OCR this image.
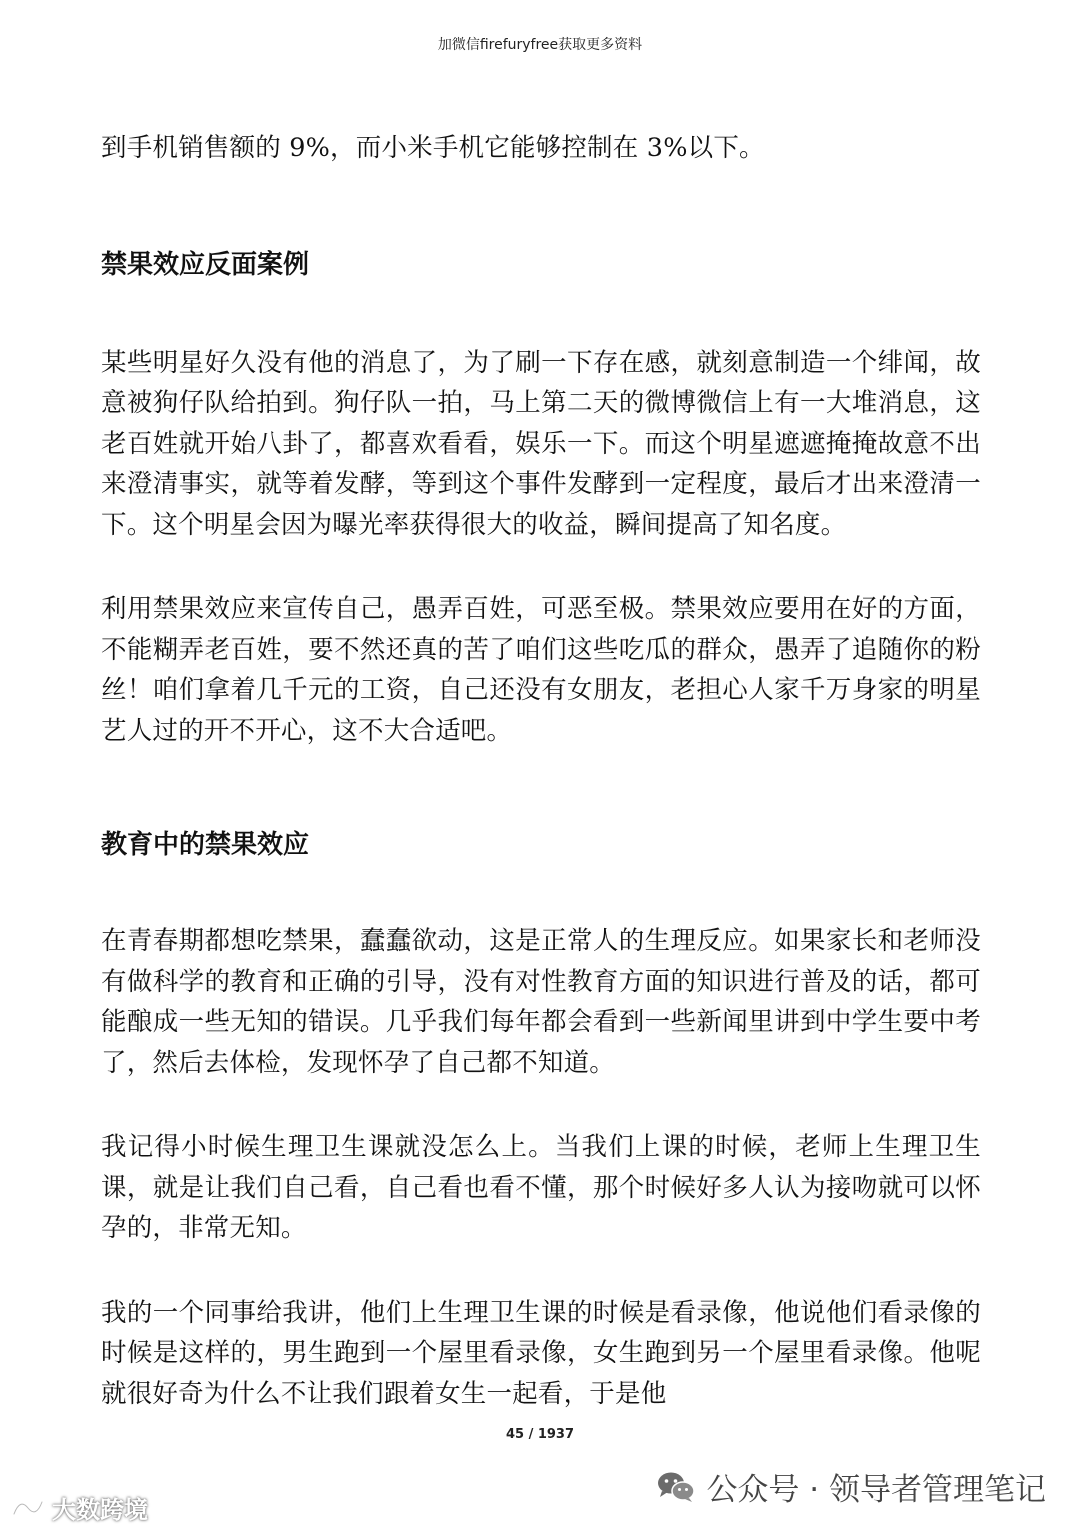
加微信firefuryfree获取更多资料

到手机销售额的 9%，而小米手机它能够控制在 3%以下。

禁果效应反面案例

某些明星好久没有他的消息了，为了刷一下存在感，就刻意制造一个绯闻，故意被狗仔队给拍到。狗仔队一拍，马上第二天的微博微信上有一大堆消息，这老百姓就开始八卦了，都喜欢看看，娱乐一下。而这个明星遮遮掩掩故意不出来澄清事实，就等着发酵，等到这个事件发酵到一定程度，最后才出来澄清一下。这个明星会因为曝光率获得很大的收益，瞬间提高了知名度。

利用禁果效应来宣传自己，愚弄百姓，可恶至极。禁果效应要用在好的方面，不能糊弄老百姓，要不然还真的苦了咱们这些吃瓜的群众，愚弄了追随你的粉丝！咱们拿着几千元的工资，自己还没有女朋友，老担心人家千万身家的明星艺人过的开不开心，这不大合适吧。

教育中的禁果效应

在青春期都想吃禁果，蠢蠢欲动，这是正常人的生理反应。如果家长和老师没有做科学的教育和正确的引导，没有对性教育方面的知识进行普及的话，都可能酿成一些无知的错误。几乎我们每年都会看到一些新闻里讲到中学生要中考了，然后去体检，发现怀孕了自己都不知道。

我记得小时候生理卫生课就没怎么上。当我们上课的时候，老师上生理卫生课，就是让我们自己看，自己看也看不懂，那个时候好多人认为接吻就可以怀孕的，非常无知。

我的一个同事给我讲，他们上生理卫生课的时候是看录像，他说他们看录像的时候是这样的，男生跑到一个屋里看录像，女生跑到另一个屋里看录像。他呢就很好奇为什么不让我们跟着女生一起看，于是他

45 / 1937
大数跨境
公众号 · 领导者管理笔记
